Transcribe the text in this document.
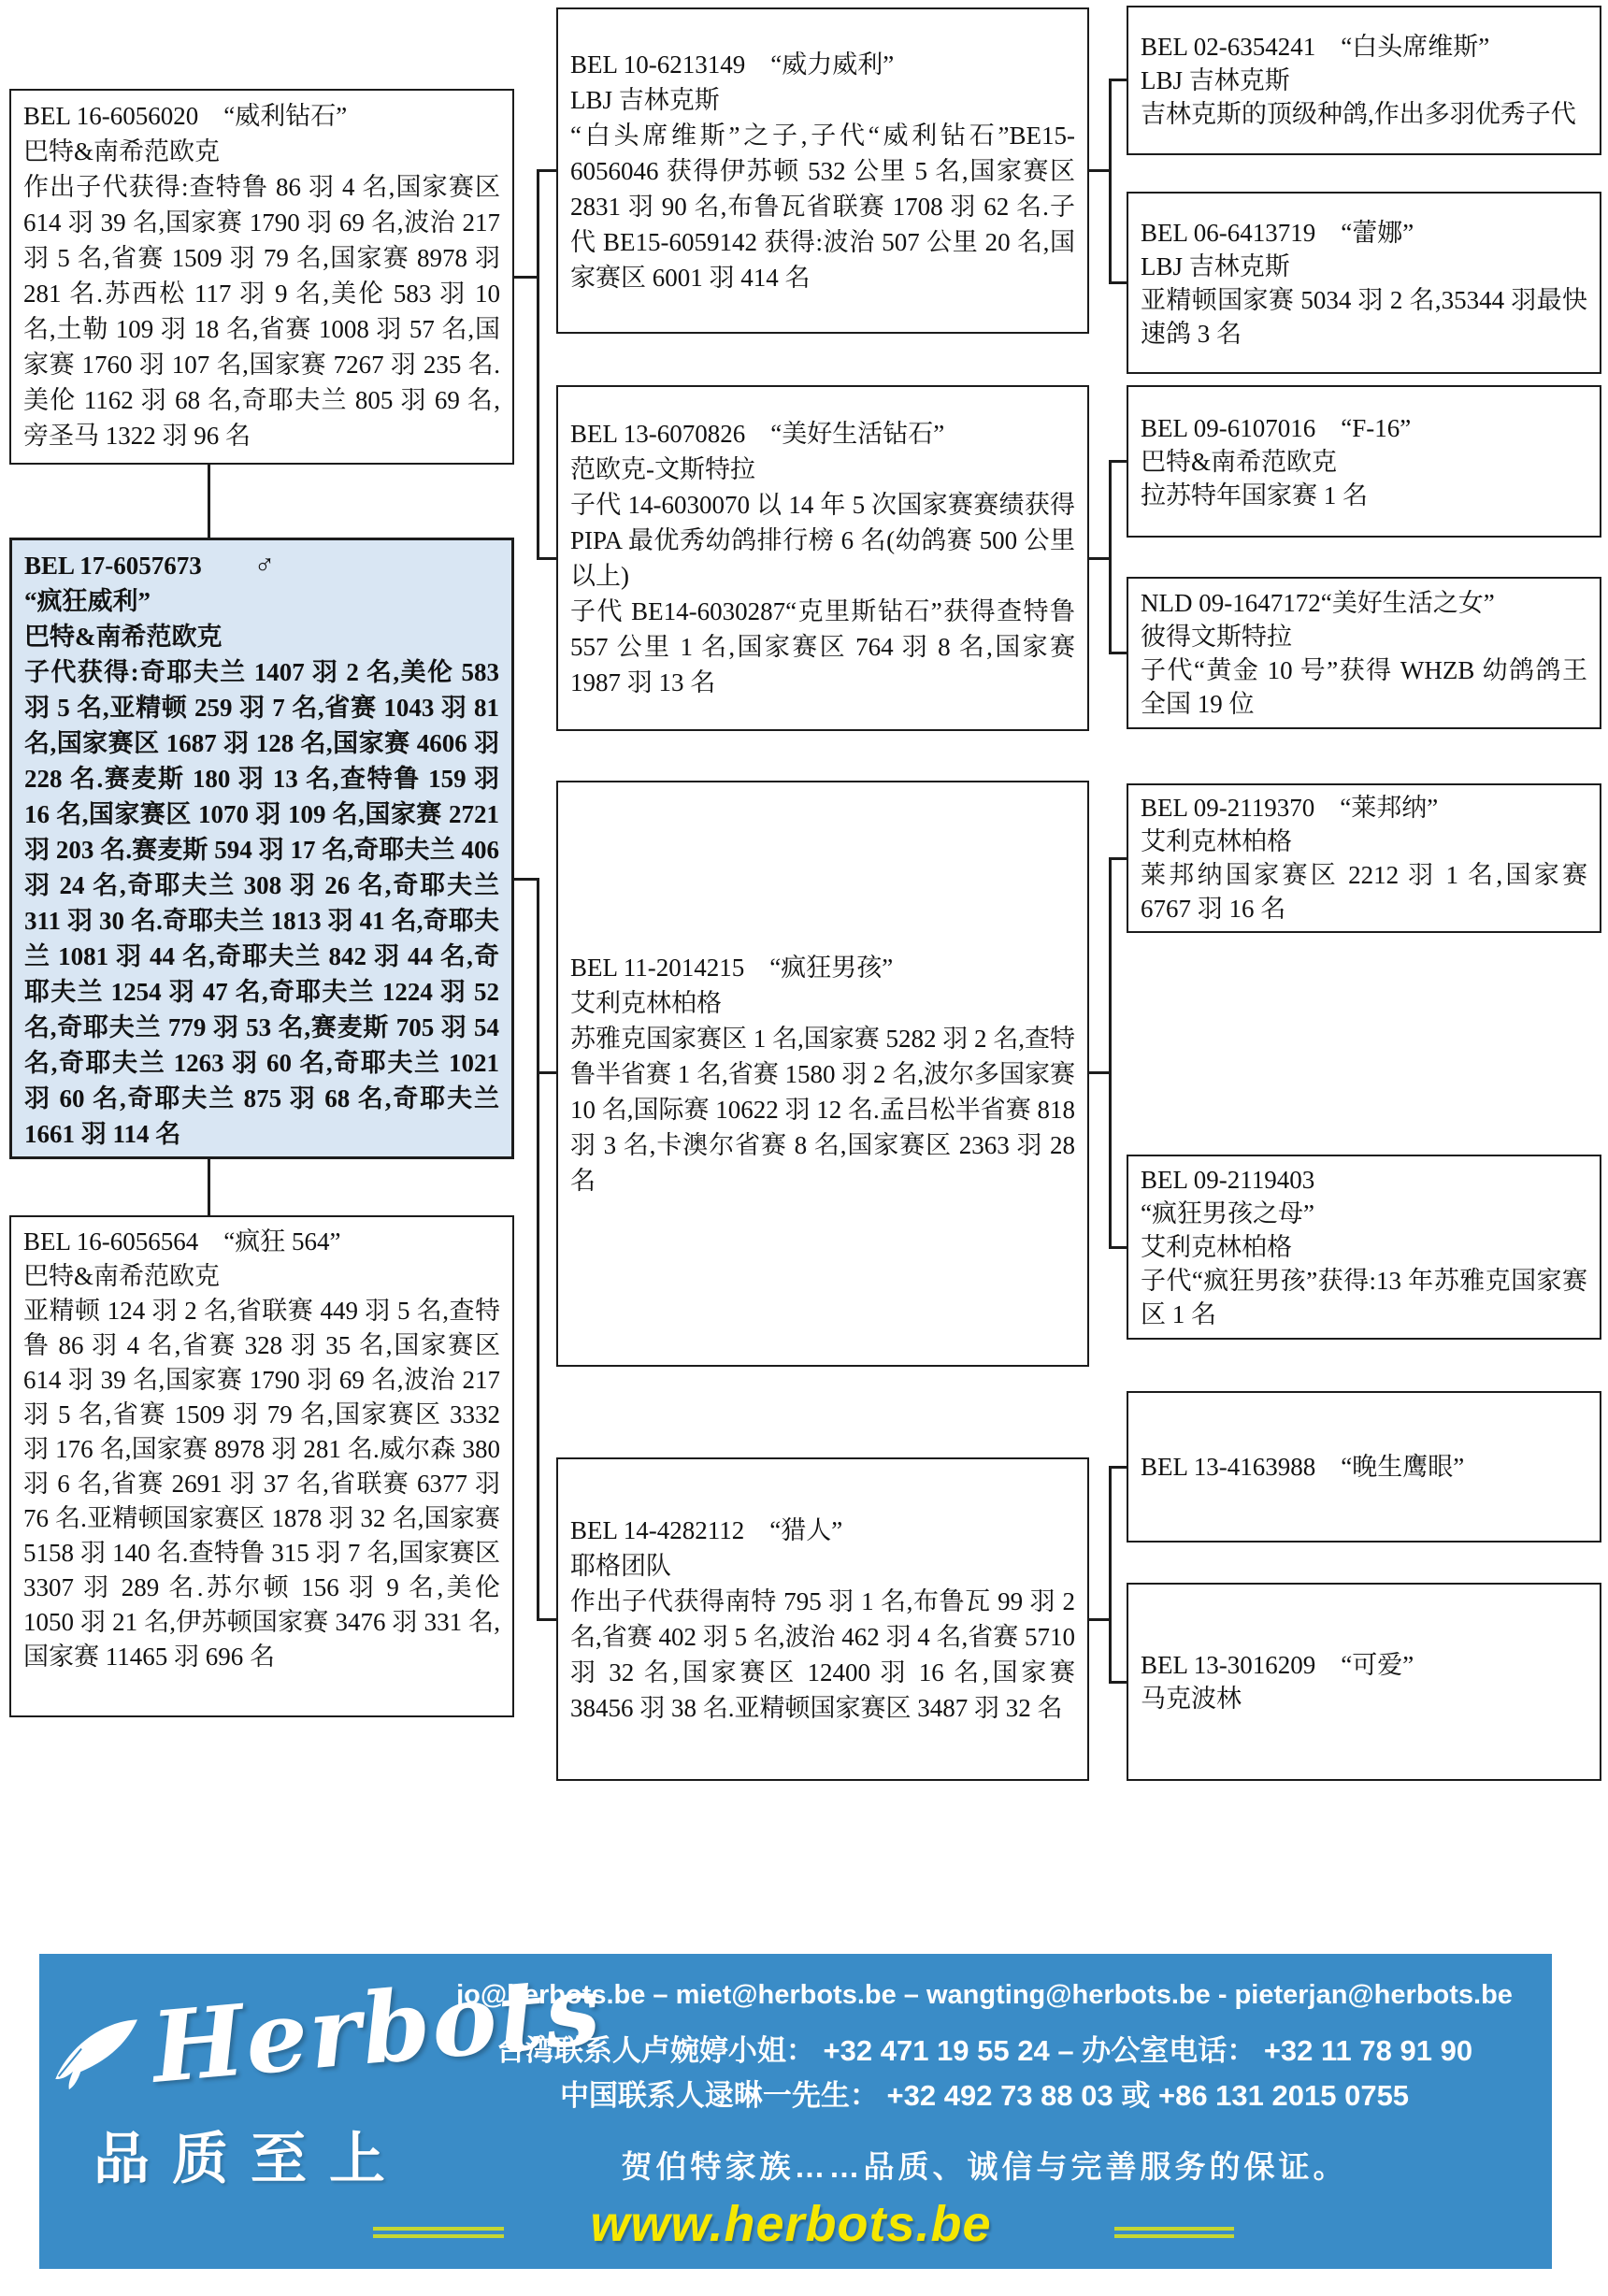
BEL 16-6056020　“威利钻石”
巴特&南希范欧克
作出子代获得:查特鲁 86 羽 4 名,国家赛区 614 羽 39 名,国家赛 1790 羽 69 名,波治 217 羽 5 名,省赛 1509 羽 79 名,国家赛 8978 羽 281 名.苏西松 117 羽 9 名,美伦 583 羽 10 名,土勒 109 羽 18 名,省赛 1008 羽 57 名,国家赛 1760 羽 107 名,国家赛 7267 羽 235 名.美伦 1162 羽 68 名,奇耶夫兰 805 羽 69 名,旁圣马 1322 羽 96 名
BEL 17-6057673 ♂
“疯狂威利”
巴特&南希范欧克
子代获得:奇耶夫兰 1407 羽 2 名,美伦 583 羽 5 名,亚精顿 259 羽 7 名,省赛 1043 羽 81 名,国家赛区 1687 羽 128 名,国家赛 4606 羽 228 名.赛麦斯 180 羽 13 名,查特鲁 159 羽 16 名,国家赛区 1070 羽 109 名,国家赛 2721 羽 203 名.赛麦斯 594 羽 17 名,奇耶夫兰 406 羽 24 名,奇耶夫兰 308 羽 26 名,奇耶夫兰 311 羽 30 名.奇耶夫兰 1813 羽 41 名,奇耶夫兰 1081 羽 44 名,奇耶夫兰 842 羽 44 名,奇耶夫兰 1254 羽 47 名,奇耶夫兰 1224 羽 52 名,奇耶夫兰 779 羽 53 名,赛麦斯 705 羽 54 名,奇耶夫兰 1263 羽 60 名,奇耶夫兰 1021 羽 60 名,奇耶夫兰 875 羽 68 名,奇耶夫兰 1661 羽 114 名
BEL 16-6056564　“疯狂 564”
巴特&南希范欧克
亚精顿 124 羽 2 名,省联赛 449 羽 5 名,查特鲁 86 羽 4 名,省赛 328 羽 35 名,国家赛区 614 羽 39 名,国家赛 1790 羽 69 名,波治 217 羽 5 名,省赛 1509 羽 79 名,国家赛区 3332 羽 176 名,国家赛 8978 羽 281 名.威尔森 380 羽 6 名,省赛 2691 羽 37 名,省联赛 6377 羽 76 名.亚精顿国家赛区 1878 羽 32 名,国家赛 5158 羽 140 名.查特鲁 315 羽 7 名,国家赛区 3307 羽 289 名.苏尔顿 156 羽 9 名,美伦 1050 羽 21 名,伊苏顿国家赛 3476 羽 331 名,国家赛 11465 羽 696 名
BEL 10-6213149　“威力威利”
LBJ 吉林克斯
“白头席维斯”之子,子代“威利钻石”BE15-6056046 获得伊苏顿 532 公里 5 名,国家赛区 2831 羽 90 名,布鲁瓦省联赛 1708 羽 62 名.子代 BE15-6059142 获得:波治 507 公里 20 名,国家赛区 6001 羽 414 名
BEL 13-6070826　“美好生活钻石”
范欧克-文斯特拉
子代 14-6030070 以 14 年 5 次国家赛赛绩获得 PIPA 最优秀幼鸽排行榜 6 名(幼鸽赛 500 公里以上)
子代 BE14-6030287“克里斯钻石”获得查特鲁 557 公里 1 名,国家赛区 764 羽 8 名,国家赛 1987 羽 13 名
BEL 11-2014215　“疯狂男孩”
艾利克林柏格
苏雅克国家赛区 1 名,国家赛 5282 羽 2 名,查特鲁半省赛 1 名,省赛 1580 羽 2 名,波尔多国家赛 10 名,国际赛 10622 羽 12 名.孟吕松半省赛 818 羽 3 名,卡澳尔省赛 8 名,国家赛区 2363 羽 28 名
BEL 14-4282112　“猎人”
耶格团队
作出子代获得南特 795 羽 1 名,布鲁瓦 99 羽 2 名,省赛 402 羽 5 名,波治 462 羽 4 名,省赛 5710 羽 32 名,国家赛区 12400 羽 16 名,国家赛 38456 羽 38 名.亚精顿国家赛区 3487 羽 32 名
BEL 02-6354241　“白头席维斯”
LBJ 吉林克斯
吉林克斯的顶级种鸽,作出多羽优秀子代
BEL 06-6413719　“蕾娜”
LBJ 吉林克斯
亚精顿国家赛 5034 羽 2 名,35344 羽最快速鸽 3 名
BEL 09-6107016　“F-16”
巴特&南希范欧克
拉苏特年国家赛 1 名
NLD 09-1647172“美好生活之女”
彼得文斯特拉
子代“黄金 10 号”获得 WHZB 幼鸽鸽王全国 19 位
BEL 09-2119370　“莱邦纳”
艾利克林柏格
莱邦纳国家赛区 2212 羽 1 名,国家赛 6767 羽 16 名
BEL 09-2119403
“疯狂男孩之母”
艾利克林柏格
子代“疯狂男孩”获得:13 年苏雅克国家赛区 1 名
BEL 13-4163988　“晚生鹰眼”
BEL 13-3016209　“可爱”
马克波林
Herbots
品质至上
jo@herbots.be – miet@herbots.be – wangting@herbots.be - pieterjan@herbots.be
台湾联系人卢婉婷小姐： +32 471 19 55 24 – 办公室电话： +32 11 78 91 90
中国联系人逯晽一先生： +32 492 73 88 03 或 +86 131 2015 0755
贺伯特家族……品质、诚信与完善服务的保证。
www.herbots.be
